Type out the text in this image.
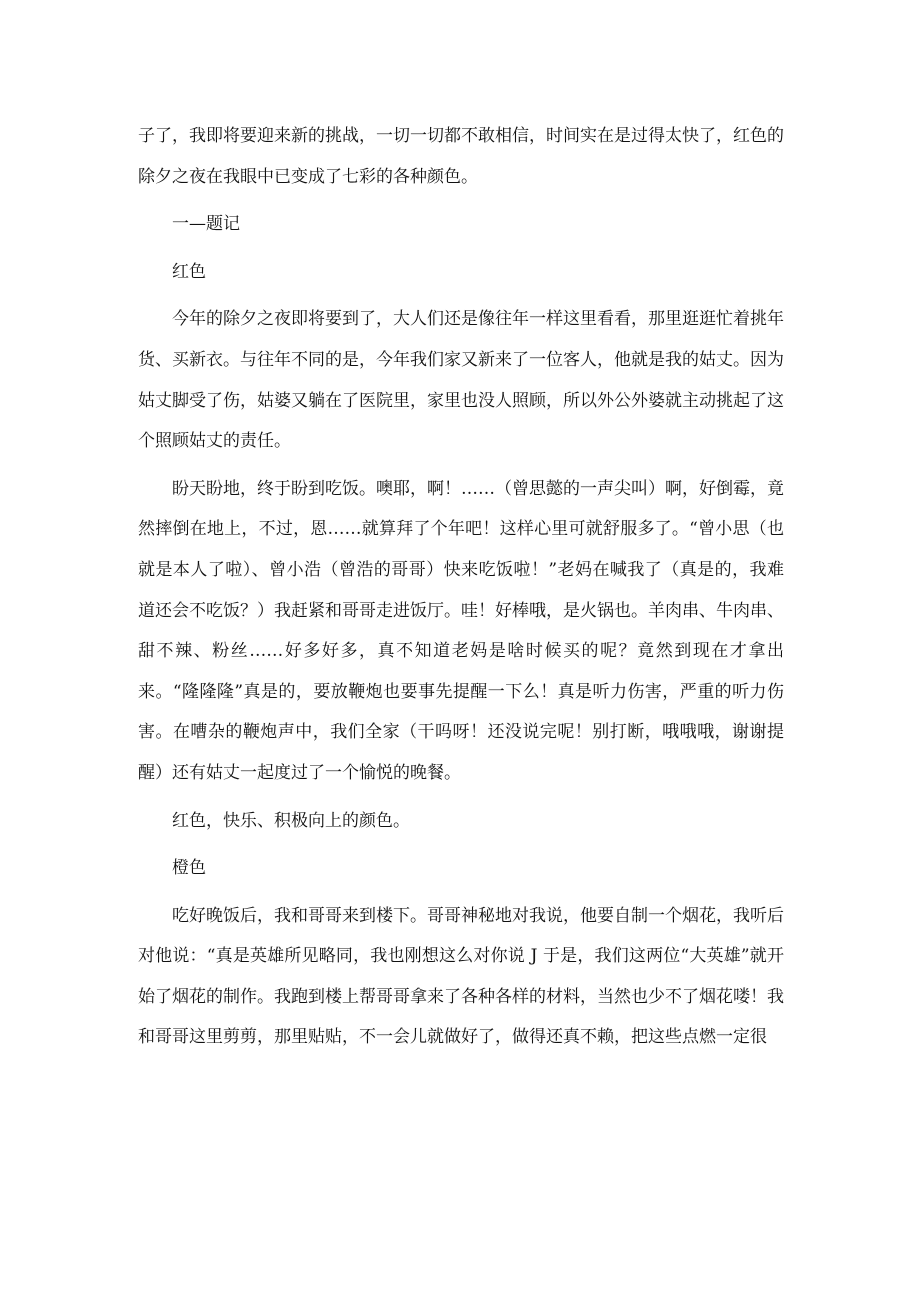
子了，我即将要迎来新的挑战，一切一切都不敢相信，时间实在是过得太快了，红色的除夕之夜在我眼中已变成了七彩的各种颜色。

一—题记

红色

今年的除夕之夜即将要到了，大人们还是像往年一样这里看看，那里逛逛忙着挑年货、买新衣。与往年不同的是，今年我们家又新来了一位客人，他就是我的姑丈。因为姑丈脚受了伤，姑婆又躺在了医院里，家里也没人照顾，所以外公外婆就主动挑起了这个照顾姑丈的责任。

盼天盼地，终于盼到吃饭。噢耶，啊！……（曾思懿的一声尖叫）啊，好倒霉，竟然摔倒在地上，不过，恩……就算拜了个年吧！这样心里可就舒服多了。“曾小思（也就是本人了啦）、曾小浩（曾浩的哥哥）快来吃饭啦！”老妈在喊我了（真是的，我难道还会不吃饭？）我赶紧和哥哥走进饭厅。哇！好棒哦，是火锅也。羊肉串、牛肉串、甜不辣、粉丝……好多好多，真不知道老妈是啥时候买的呢？竟然到现在才拿出来。“隆隆隆”真是的，要放鞭炮也要事先提醒一下么！真是听力伤害，严重的听力伤害。在嘈杂的鞭炮声中，我们全家（干吗呀！还没说完呢！别打断，哦哦哦，谢谢提醒）还有姑丈一起度过了一个愉悦的晚餐。

红色，快乐、积极向上的颜色。

橙色

吃好晚饭后，我和哥哥来到楼下。哥哥神秘地对我说，他要自制一个烟花，我听后对他说：“真是英雄所见略同，我也刚想这么对你说 J 于是，我们这两位“大英雄”就开始了烟花的制作。我跑到楼上帮哥哥拿来了各种各样的材料，当然也少不了烟花喽！我和哥哥这里剪剪，那里贴贴，不一会儿就做好了，做得还真不赖，把这些点燃一定很
